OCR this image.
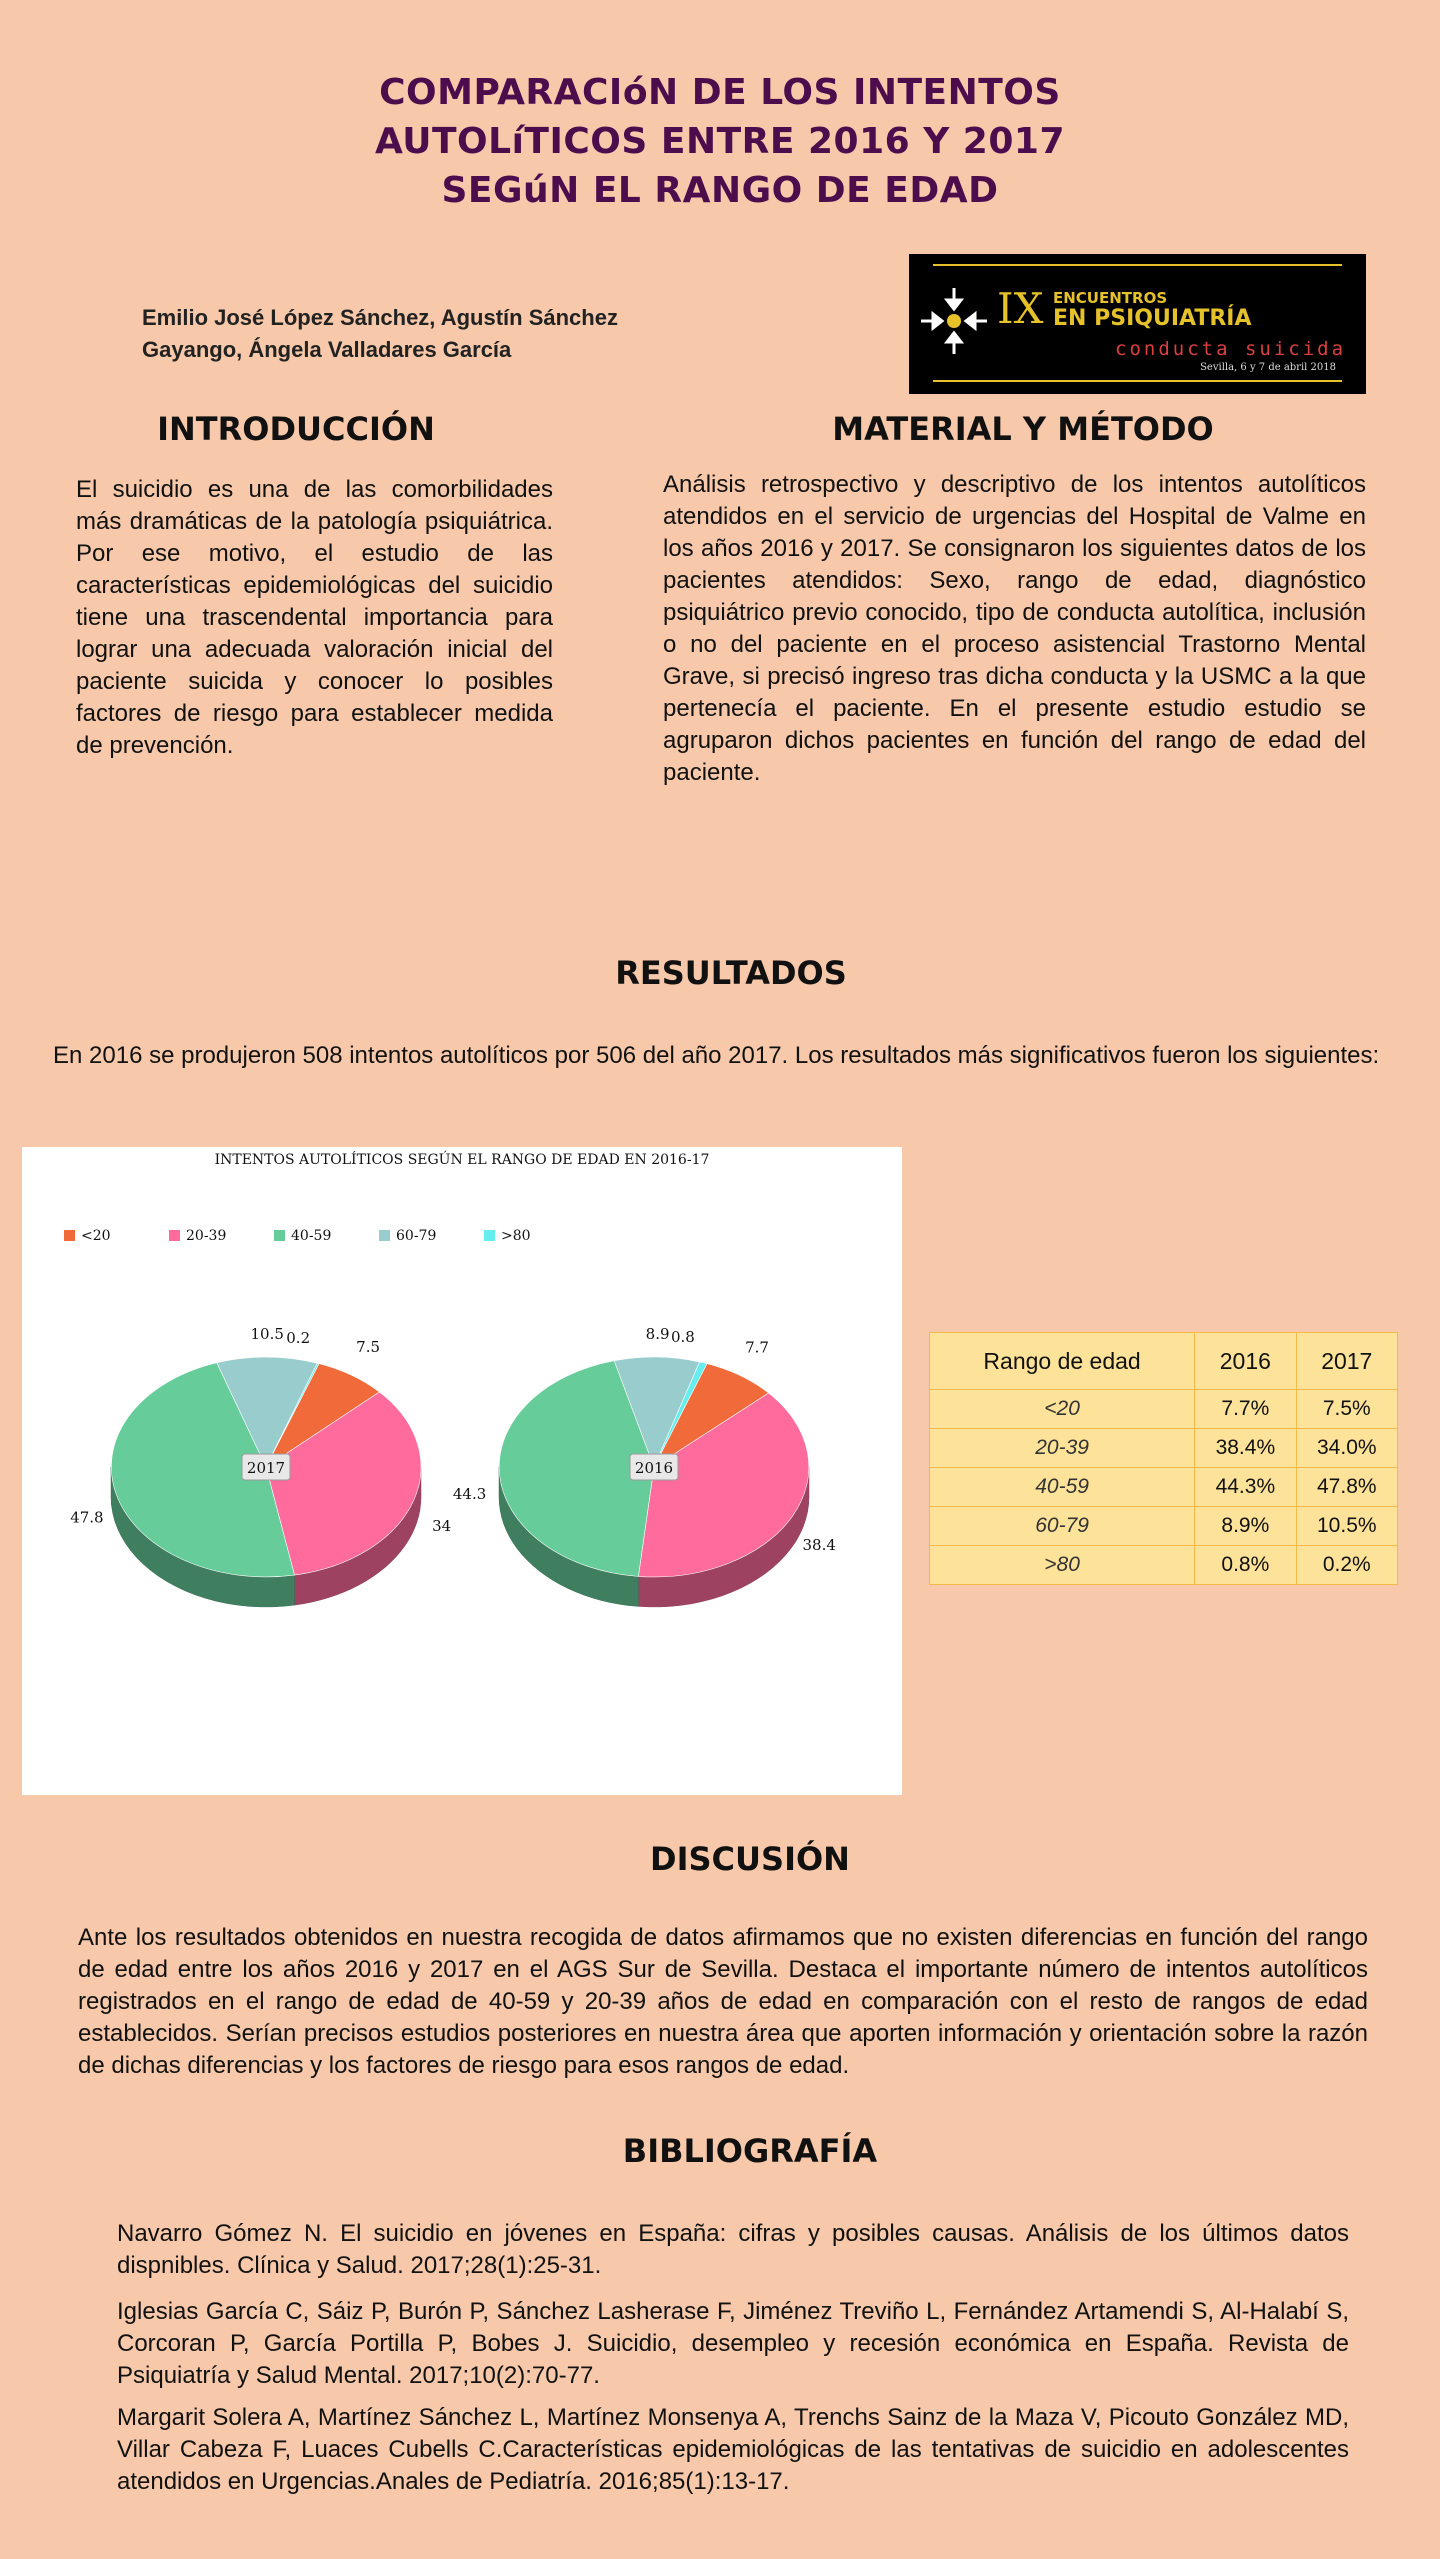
COMPARACIóN DE LOS INTENTOS
AUTOLíTICOS ENTRE 2016 Y 2017
SEGúN EL RANGO DE EDAD
Emilio José López Sánchez, Agustín Sánchez
Gayango, Ángela Valladares García
IX ENCUENTROS
EN PSIQUIATRÍA
conducta suicida
Sevilla, 6 y 7 de abril 2018
INTRODUCCIÓN
El suicidio es una de las comorbilidades más dramáticas de la patología psiquiátrica. Por ese motivo, el estudio de las características epidemiológicas del suicidio tiene una trascendental importancia para lograr una adecuada valoración inicial del paciente suicida y conocer lo posibles factores de riesgo para establecer medida de prevención.
MATERIAL Y MÉTODO
Análisis retrospectivo y descriptivo de los intentos autolíticos atendidos en el servicio de urgencias del Hospital de Valme en los años 2016 y 2017. Se consignaron los siguientes datos de los pacientes atendidos: Sexo, rango de edad, diagnóstico psiquiátrico previo conocido, tipo de conducta autolítica, inclusión o no del paciente en el proceso asistencial Trastorno Mental Grave, si precisó ingreso tras dicha conducta y la USMC a la que pertenecía el paciente. En el presente estudio estudio se agruparon dichos pacientes en función del rango de edad del paciente.
RESULTADOS
En 2016 se produjeron 508 intentos autolíticos por 506 del año 2017. Los resultados más significativos fueron los siguientes:
INTENTOS AUTOLÍTICOS SEGÚN EL RANGO DE EDAD EN 2016-17
<20	20-39	40-59	60-79	>80
2017
7.5
34
47.8
10.5 0.2
2016
7.7
38.4
44.3
8.9 0.8
Rango de edad	2016	2017
<20	7.7%	7.5%
20-39	38.4%	34.0%
40-59	44.3%	47.8%
60-79	8.9%	10.5%
>80	0.8%	0.2%
DISCUSIÓN
Ante los resultados obtenidos en nuestra recogida de datos afirmamos que no existen diferencias en función del rango de edad entre los años 2016 y 2017 en el AGS Sur de Sevilla. Destaca el importante número de intentos autolíticos registrados en el rango de edad de 40-59 y 20-39 años de edad en comparación con el resto de rangos de edad establecidos. Serían precisos estudios posteriores en nuestra área que aporten información y orientación sobre la razón de dichas diferencias y los factores de riesgo para esos rangos de edad.
BIBLIOGRAFÍA
Navarro Gómez N. El suicidio en jóvenes en España: cifras y posibles causas. Análisis de los últimos datos dispnibles. Clínica y Salud. 2017;28(1):25-31.
Iglesias García C, Sáiz P, Burón P, Sánchez Lasherase F, Jiménez Treviño L, Fernández Artamendi S, Al-Halabí S, Corcoran P, García Portilla P, Bobes J. Suicidio, desempleo y recesión económica en España. Revista de Psiquiatría y Salud Mental. 2017;10(2):70-77.
Margarit Solera A, Martínez Sánchez L, Martínez Monsenya A, Trenchs Sainz de la Maza V, Picouto González MD, Villar Cabeza F, Luaces Cubells C.Características epidemiológicas de las tentativas de suicidio en adolescentes atendidos en Urgencias.Anales de Pediatría. 2016;85(1):13-17.
